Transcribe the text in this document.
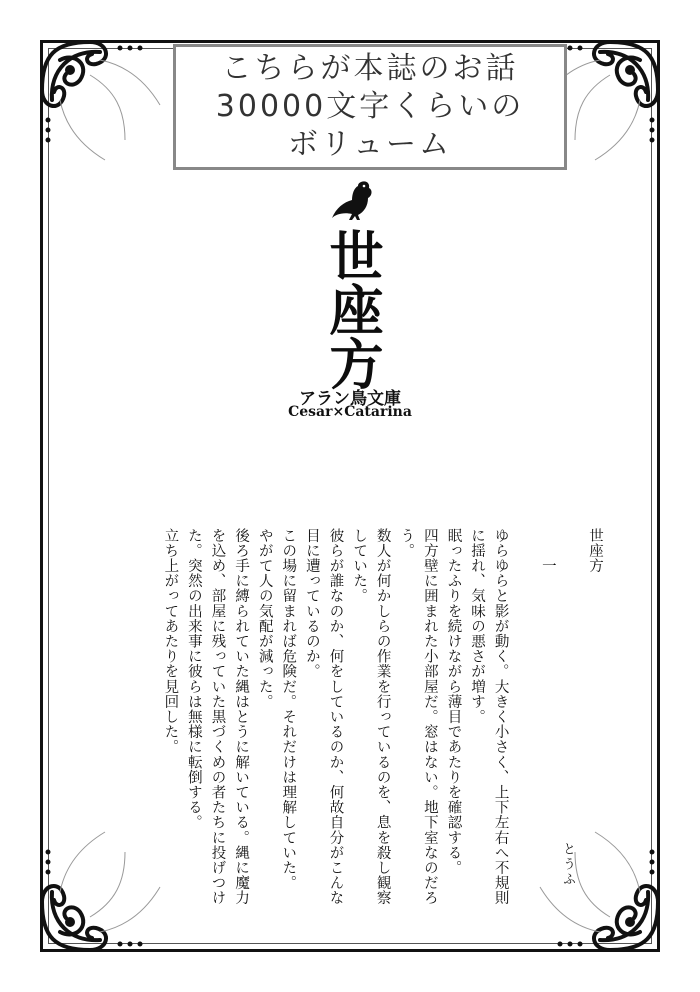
こちらが本誌のお話
30000文字くらいの
ボリューム
世座方
アラン鳥文庫
Cesar×Catarina
世座方

一

ゆらゆらと影が動く。大きく小さく、上下左右へ不規則に揺れ、気味の悪さが増す。
眠ったふりを続けながら薄目であたりを確認する。
四方壁に囲まれた小部屋だ。窓はない。地下室なのだろう。
数人が何かしらの作業を行っているのを、息を殺し観察していた。
彼らが誰なのか、何をしているのか、何故自分がこんな目に遭っているのか。
この場に留まれば危険だ。それだけは理解していた。
やがて人の気配が減った。
後ろ手に縛られていた縄はとうに解いている。縄に魔力を込め、部屋に残っていた黒づくめの者たちに投げつけた。突然の出来事に彼らは無様に転倒する。
立ち上がってあたりを見回した。
とうふ
